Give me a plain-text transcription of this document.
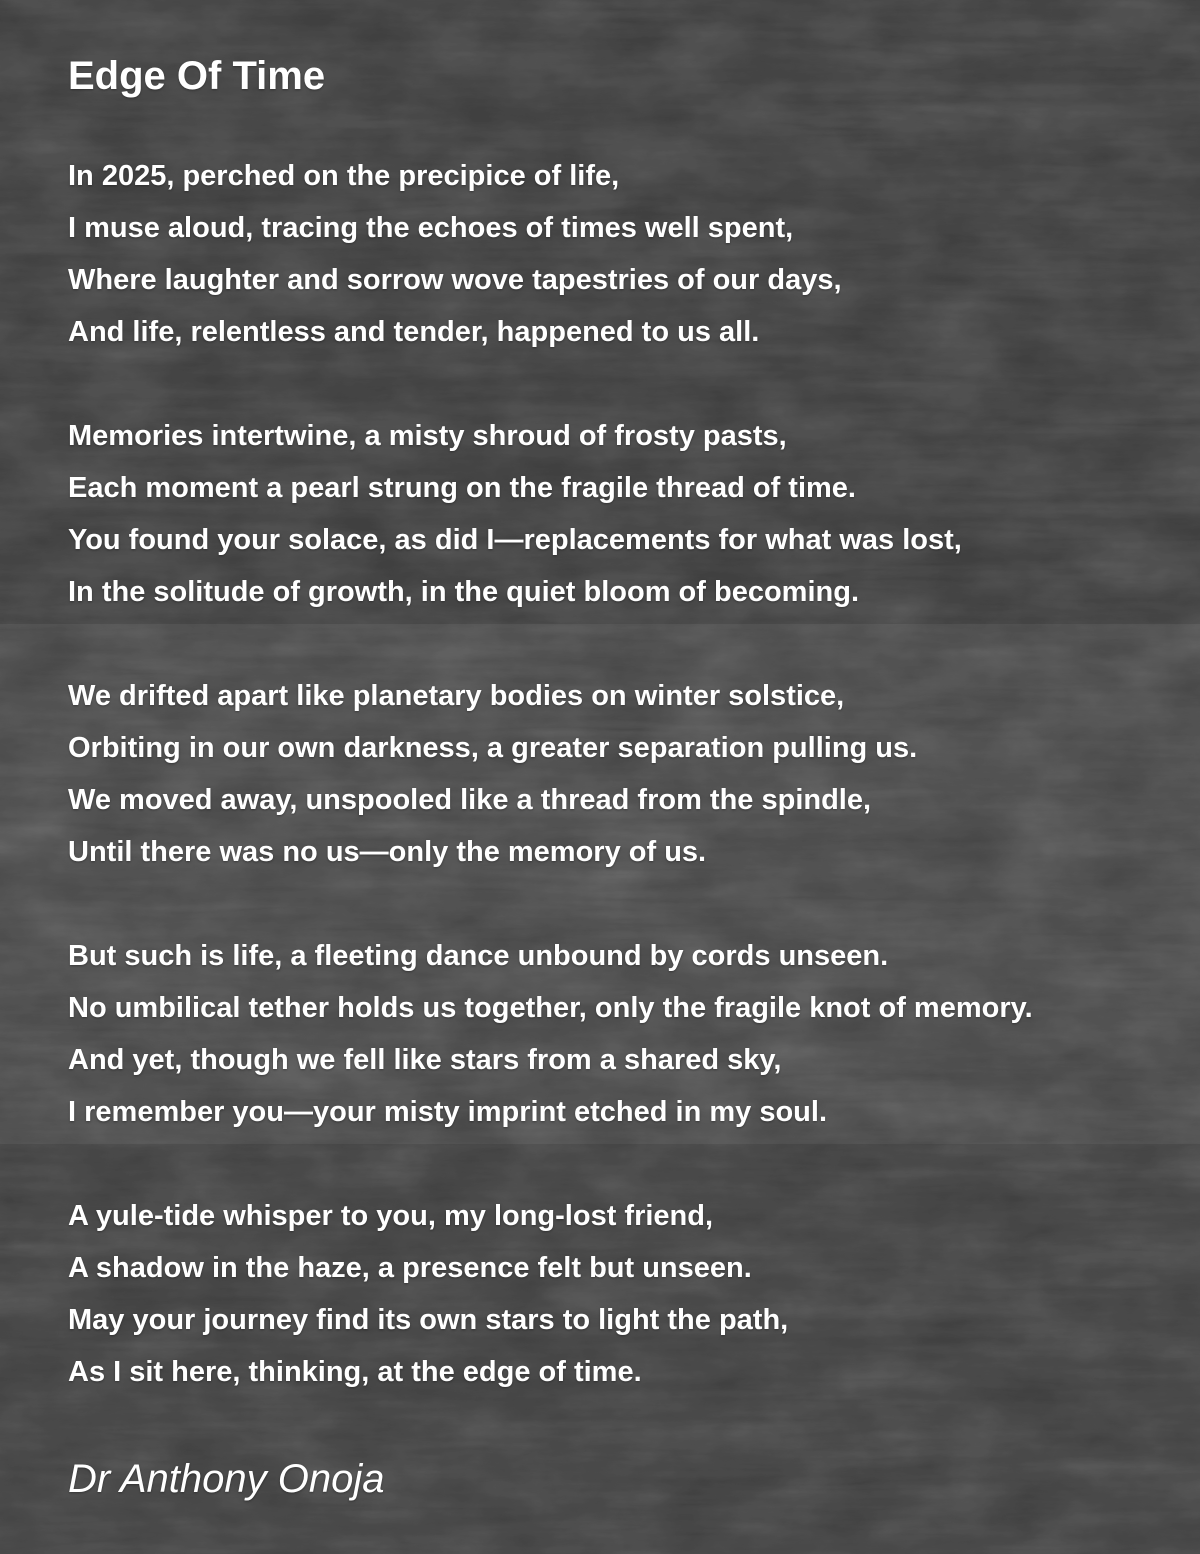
Edge Of Time
In 2025, perched on the precipice of life,
I muse aloud, tracing the echoes of times well spent,
Where laughter and sorrow wove tapestries of our days,
And life, relentless and tender, happened to us all.
Memories intertwine, a misty shroud of frosty pasts,
Each moment a pearl strung on the fragile thread of time.
You found your solace, as did I—replacements for what was lost,
In the solitude of growth, in the quiet bloom of becoming.
We drifted apart like planetary bodies on winter solstice,
Orbiting in our own darkness, a greater separation pulling us.
We moved away, unspooled like a thread from the spindle,
Until there was no us—only the memory of us.
But such is life, a fleeting dance unbound by cords unseen.
No umbilical tether holds us together, only the fragile knot of memory.
And yet, though we fell like stars from a shared sky,
I remember you—your misty imprint etched in my soul.
A yule-tide whisper to you, my long-lost friend,
A shadow in the haze, a presence felt but unseen.
May your journey find its own stars to light the path,
As I sit here, thinking, at the edge of time.

Dr Anthony Onoja
